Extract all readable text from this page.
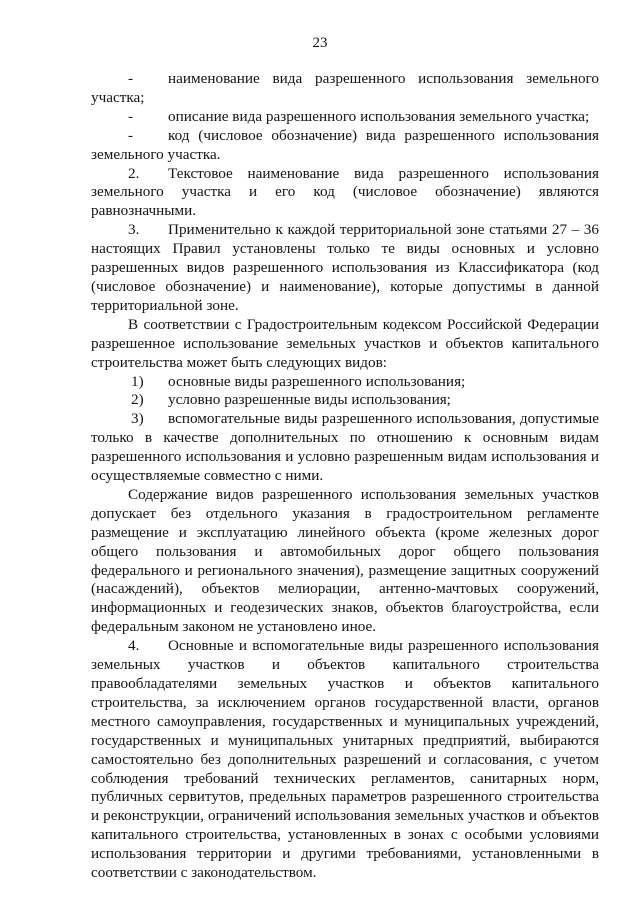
23

- наименование вида разрешенного использования земельного участка;

- описание вида разрешенного использования земельного участка;

- код (числовое обозначение) вида разрешенного использования земельного участка.

2. Текстовое наименование вида разрешенного использования земельного участка и его код (числовое обозначение) являются равнозначными.

3. Применительно к каждой территориальной зоне статьями 27 – 36 настоящих Правил установлены только те виды основных и условно разрешенных видов разрешенного использования из Классификатора (код (числовое обозначение) и наименование), которые допустимы в данной территориальной зоне.

В соответствии с Градостроительным кодексом Российской Федерации разрешенное использование земельных участков и объектов капитального строительства может быть следующих видов:

1) основные виды разрешенного использования;

2) условно разрешенные виды использования;

3) вспомогательные виды разрешенного использования, допустимые только в качестве дополнительных по отношению к основным видам разрешенного использования и условно разрешенным видам использования и осуществляемые совместно с ними.

Содержание видов разрешенного использования земельных участков допускает без отдельного указания в градостроительном регламенте размещение и эксплуатацию линейного объекта (кроме железных дорог общего пользования и автомобильных дорог общего пользования федерального и регионального значения), размещение защитных сооружений (насаждений), объектов мелиорации, антенно-мачтовых сооружений, информационных и геодезических знаков, объектов благоустройства, если федеральным законом не установлено иное.

4. Основные и вспомогательные виды разрешенного использования земельных участков и объектов капитального строительства правообладателями земельных участков и объектов капитального строительства, за исключением органов государственной власти, органов местного самоуправления, государственных и муниципальных учреждений, государственных и муниципальных унитарных предприятий, выбираются самостоятельно без дополнительных разрешений и согласования, с учетом соблюдения требований технических регламентов, санитарных норм, публичных сервитутов, предельных параметров разрешенного строительства и реконструкции, ограничений использования земельных участков и объектов капитального строительства, установленных в зонах с особыми условиями использования территории и другими требованиями, установленными в соответствии с законодательством.
